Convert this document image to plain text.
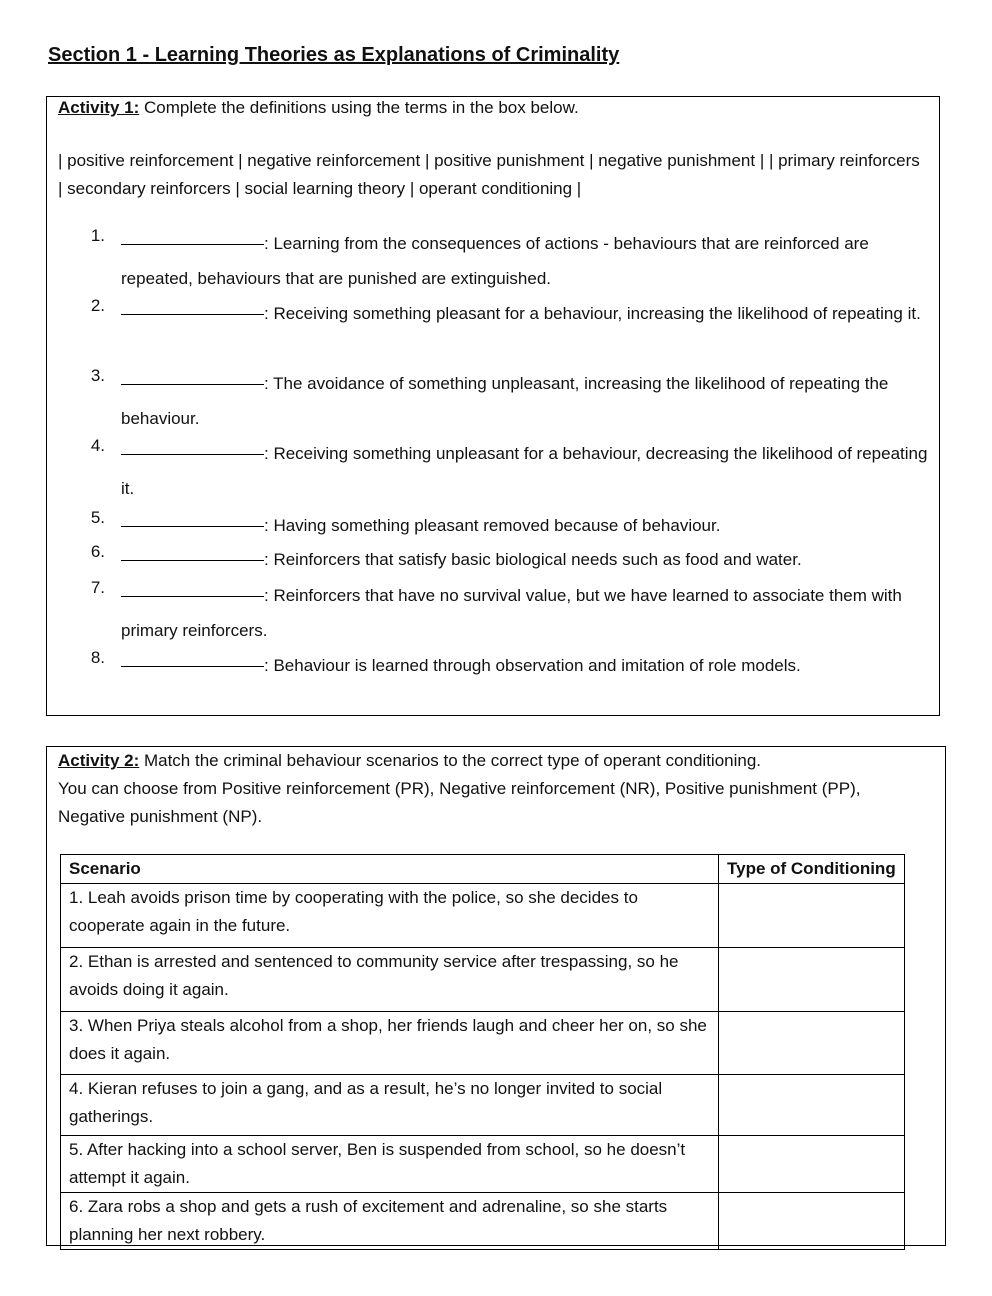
Section 1 - Learning Theories as Explanations of Criminality
Activity 1: Complete the definitions using the terms in the box below.
| positive reinforcement | negative reinforcement | positive punishment | negative punishment | | primary reinforcers | secondary reinforcers | social learning theory | operant conditioning |
1.	: Learning from the consequences of actions - behaviours that are reinforced are repeated, behaviours that are punished are extinguished.
2.	: Receiving something pleasant for a behaviour, increasing the likelihood of repeating it.
3.	: The avoidance of something unpleasant, increasing the likelihood of repeating the behaviour.
4.	: Receiving something unpleasant for a behaviour, decreasing the likelihood of repeating it.
5.	: Having something pleasant removed because of behaviour.
6.	: Reinforcers that satisfy basic biological needs such as food and water.
7.	: Reinforcers that have no survival value, but we have learned to associate them with primary reinforcers.
8.	: Behaviour is learned through observation and imitation of role models.
Activity 2: Match the criminal behaviour scenarios to the correct type of operant conditioning.
You can choose from Positive reinforcement (PR), Negative reinforcement (NR), Positive punishment (PP), Negative punishment (NP).
Scenario	Type of Conditioning
1. Leah avoids prison time by cooperating with the police, so she decides to cooperate again in the future.	
2. Ethan is arrested and sentenced to community service after trespassing, so he avoids doing it again.	
3. When Priya steals alcohol from a shop, her friends laugh and cheer her on, so she does it again.	
4. Kieran refuses to join a gang, and as a result, he’s no longer invited to social gatherings.	
5. After hacking into a school server, Ben is suspended from school, so he doesn’t attempt it again.	
6. Zara robs a shop and gets a rush of excitement and adrenaline, so she starts planning her next robbery.	
